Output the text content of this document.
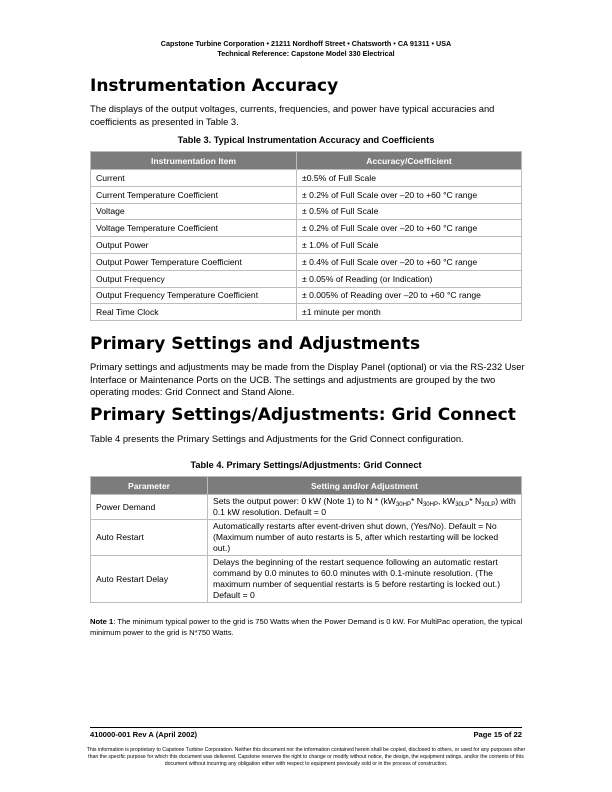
Capstone Turbine Corporation • 21211 Nordhoff Street • Chatsworth • CA 91311 • USA
Technical Reference: Capstone Model 330 Electrical
Instrumentation Accuracy
The displays of the output voltages, currents, frequencies, and power have typical accuracies and coefficients as presented in Table 3.
Table 3. Typical Instrumentation Accuracy and Coefficients
Instrumentation Item	Accuracy/Coefficient
Current	±0.5% of Full Scale
Current Temperature Coefficient	± 0.2% of Full Scale over –20 to +60 °C range
Voltage	± 0.5% of Full Scale
Voltage Temperature Coefficient	± 0.2% of Full Scale over –20 to +60 °C range
Output Power	± 1.0% of Full Scale
Output Power Temperature Coefficient	± 0.4% of Full Scale over –20 to +60 °C range
Output Frequency	± 0.05% of Reading (or Indication)
Output Frequency Temperature Coefficient	± 0.005% of Reading over –20 to +60 °C range
Real Time Clock	±1 minute per month
Primary Settings and Adjustments
Primary settings and adjustments may be made from the Display Panel (optional) or via the RS-232 User Interface or Maintenance Ports on the UCB. The settings and adjustments are grouped by the two operating modes: Grid Connect and Stand Alone.
Primary Settings/Adjustments: Grid Connect
Table 4 presents the Primary Settings and Adjustments for the Grid Connect configuration.
Table 4. Primary Settings/Adjustments: Grid Connect
Parameter	Setting and/or Adjustment
Power Demand	Sets the output power: 0 kW (Note 1) to N * ($kW_{30HP}*$ $N_{30HP}$, $kW_{30LP}*$ $N_{30LP}$) with 0.1 kW resolution. Default = 0
Auto Restart	Automatically restarts after event-driven shut down, (Yes/No). Default = No (Maximum number of auto restarts is 5, after which restarting will be locked out.)
Auto Restart Delay	Delays the beginning of the restart sequence following an automatic restart command by 0.0 minutes to 60.0 minutes with 0.1-minute resolution. (The maximum number of sequential restarts is 5 before restarting is locked out.) Default = 0
Note 1: The minimum typical power to the grid is 750 Watts when the Power Demand is 0 kW. For MultiPac operation, the typical minimum power to the grid is N*750 Watts.
410000-001 Rev A (April 2002)	Page 15 of 22
This information is proprietary to Capstone Turbine Corporation. Neither this document nor the information contained herein shall be copied, disclosed to others, or used for any purposes other than the specific purpose for which this document was delivered. Capstone reserves the right to change or modify without notice, the design, the equipment ratings, and/or the contents of this document without incurring any obligation either with respect to equipment previously sold or in the process of construction.
